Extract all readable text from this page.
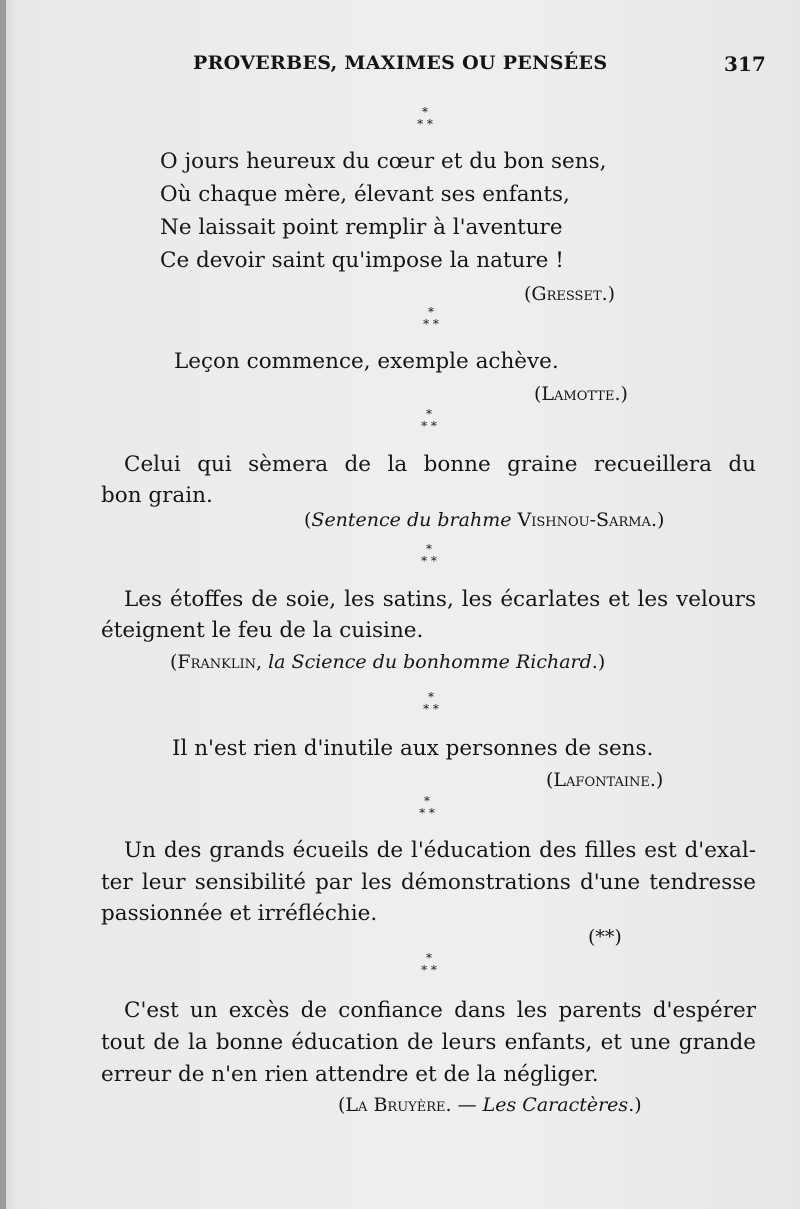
PROVERBES, MAXIMES OU PENSÉES	317
*
* *
O jours heureux du cœur et du bon sens,
Où chaque mère, élevant ses enfants,
Ne laissait point remplir à l'aventure
Ce devoir saint qu'impose la nature !
(Gresset.)
*
* *
Leçon commence, exemple achève.
(Lamotte.)
*
* *
Celui qui sèmera de la bonne graine recueillera du
bon grain.
(Sentence du brahme Vishnou-Sarma.)
*
* *
Les étoffes de soie, les satins, les écarlates et les velours
éteignent le feu de la cuisine.
(Franklin, la Science du bonhomme Richard.)
*
* *
Il n'est rien d'inutile aux personnes de sens.
(Lafontaine.)
*
* *
Un des grands écueils de l'éducation des filles est d'exal-
ter leur sensibilité par les démonstrations d'une tendresse
passionnée et irréfléchie.
(**)
*
* *
C'est un excès de confiance dans les parents d'espérer
tout de la bonne éducation de leurs enfants, et une grande
erreur de n'en rien attendre et de la négliger.
(La Bruyère. — Les Caractères.)
